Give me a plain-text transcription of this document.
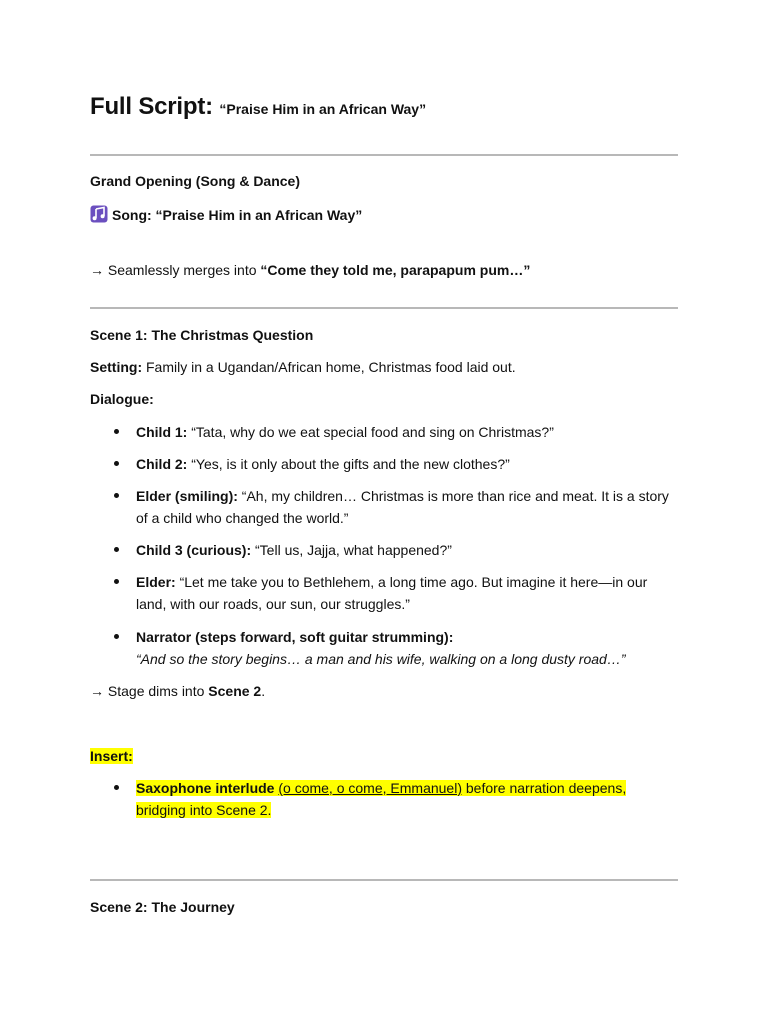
Full Script: “Praise Him in an African Way”
Grand Opening (Song & Dance)
Song: “Praise Him in an African Way”
→ Seamlessly merges into “Come they told me, parapapum pum…”
Scene 1: The Christmas Question
Setting: Family in a Ugandan/African home, Christmas food laid out.
Dialogue:
Child 1: “Tata, why do we eat special food and sing on Christmas?”
Child 2: “Yes, is it only about the gifts and the new clothes?”
Elder (smiling): “Ah, my children… Christmas is more than rice and meat. It is a story of a child who changed the world.”
Child 3 (curious): “Tell us, Jajja, what happened?”
Elder: “Let me take you to Bethlehem, a long time ago. But imagine it here—in our land, with our roads, our sun, our struggles.”
Narrator (steps forward, soft guitar strumming):
“And so the story begins… a man and his wife, walking on a long dusty road…”
→ Stage dims into Scene 2.
Insert:
Saxophone interlude (o come, o come, Emmanuel) before narration deepens,
bridging into Scene 2.
Scene 2: The Journey
